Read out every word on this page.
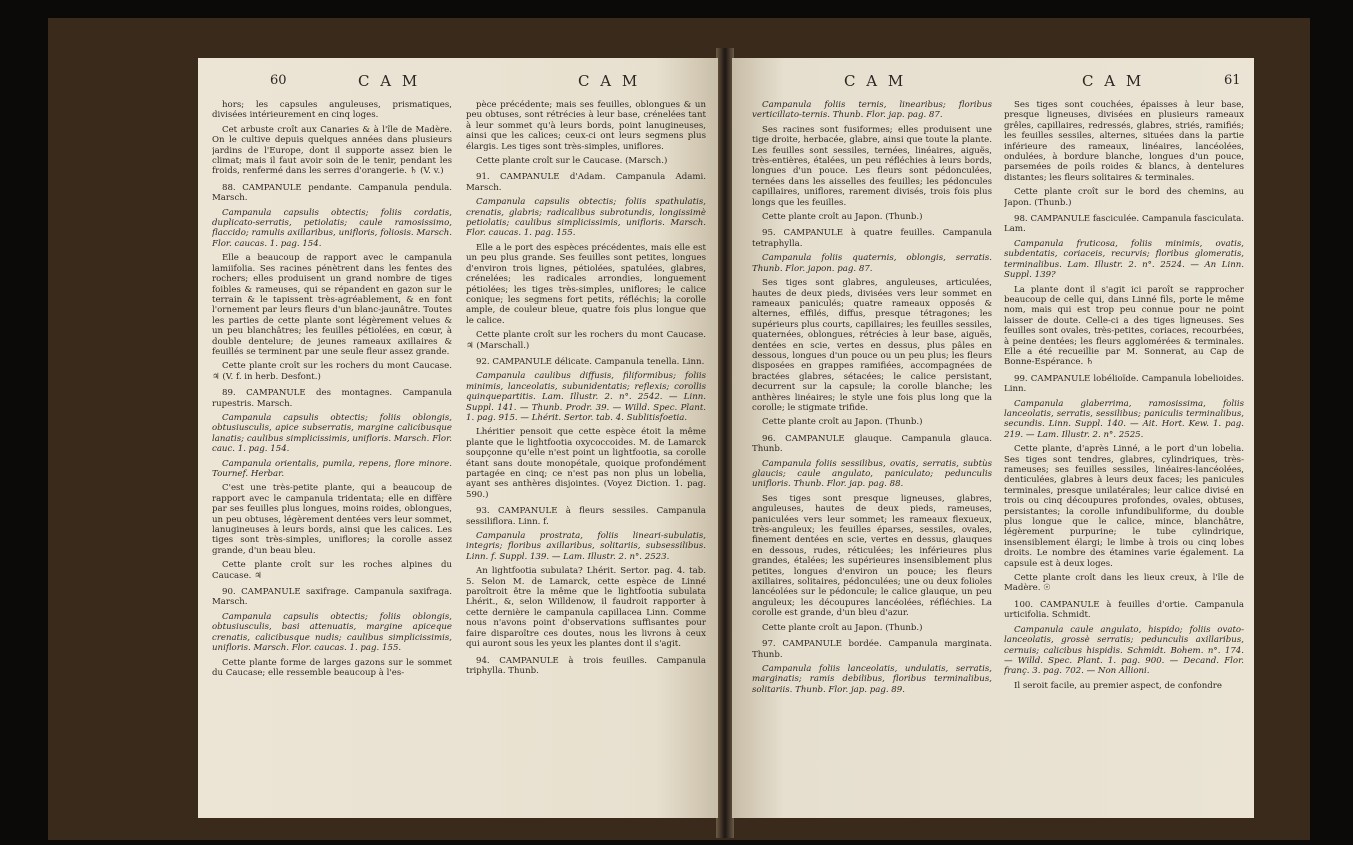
60	C A M	C A M

hors; les capsules anguleuses, prismatiques, divisées intérieurement en cinq loges.

Cet arbuste croît aux Canaries & à l'île de Madère. On le cultive depuis quelques années dans plusieurs jardins de l'Europe, dont il supporte assez bien le climat; mais il faut avoir soin de le tenir, pendant les froids, renfermé dans les serres d'orangerie. ♄ (V. v.)

88. CAMPANULE pendante. Campanula pendula. Marsch.

Campanula capsulis obtectis; foliis cordatis, duplicato-serratis, petiolatis; caule ramosissimo, flaccido; ramulis axillaribus, unifloris, foliosis. Marsch. Flor. caucas. 1. pag. 154.

Elle a beaucoup de rapport avec le campanula lamiifolia. Ses racines pénètrent dans les fentes des rochers; elles produisent un grand nombre de tiges foibles & rameuses, qui se répandent en gazon sur le terrain & le tapissent très-agréablement, & en font l'ornement par leurs fleurs d'un blanc-jaunâtre. Toutes les parties de cette plante sont légèrement velues & un peu blanchâtres; les feuilles pétiolées, en cœur, à double dentelure; de jeunes rameaux axillaires & feuillés se terminent par une seule fleur assez grande.

Cette plante croît sur les rochers du mont Caucase. ♃ (V. f. in herb. Desfont.)

89. CAMPANULE des montagnes. Campanula rupestris. Marsch.

Campanula capsulis obtectis; foliis oblongis, obtusiusculis, apice subserratis, margine calicibusque lanatis; caulibus simplicissimis, unifloris. Marsch. Flor. cauc. 1. pag. 154.

Campanula orientalis, pumila, repens, flore minore. Tournef. Herbar.

C'est une très-petite plante, qui a beaucoup de rapport avec le campanula tridentata; elle en diffère par ses feuilles plus longues, moins roides, oblongues, un peu obtuses, légèrement dentées vers leur sommet, lanugineuses à leurs bords, ainsi que les calices. Les tiges sont très-simples, uniflores; la corolle assez grande, d'un beau bleu.

Cette plante croît sur les roches alpines du Caucase. ♃

90. CAMPANULE saxifrage. Campanula saxifraga. Marsch.

Campanula capsulis obtectis; foliis oblongis, obtusiusculis, basi attenuatis, margine apiceque crenatis, calicibusque nudis; caulibus simplicissimis, unifloris. Marsch. Flor. caucas. 1. pag. 155.

Cette plante forme de larges gazons sur le sommet du Caucase; elle ressemble beaucoup à l'es-

pèce précédente; mais ses feuilles, oblongues & un peu obtuses, sont rétrécies à leur base, crénelées tant à leur sommet qu'à leurs bords, point lanugineuses, ainsi que les calices; ceux-ci ont leurs segmens plus élargis. Les tiges sont très-simples, uniflores.

Cette plante croît sur le Caucase. (Marsch.)

91. CAMPANULE d'Adam. Campanula Adami. Marsch.

Campanula capsulis obtectis; foliis spathulatis, crenatis, glabris; radicalibus subrotundis, longissimè petiolatis; caulibus simplicissimis, unifloris. Marsch. Flor. caucas. 1. pag. 155.

Elle a le port des espèces précédentes, mais elle est un peu plus grande. Ses feuilles sont petites, longues d'environ trois lignes, pétiolées, spatulées, glabres, crénelées; les radicales arrondies, longuement pétiolées; les tiges très-simples, uniflores; le calice conique; les segmens fort petits, réfléchis; la corolle ample, de couleur bleue, quatre fois plus longue que le calice.

Cette plante croît sur les rochers du mont Caucase. ♃ (Marschall.)

92. CAMPANULE délicate. Campanula tenella. Linn.

Campanula caulibus diffusis, filiformibus; foliis minimis, lanceolatis, subunidentatis; reflexis; corollis quinquepartitis. Lam. Illustr. 2. n°. 2542. — Linn. Suppl. 141. — Thunb. Prodr. 39. — Willd. Spec. Plant. 1. pag. 915. — Lhérit. Sertor. tab. 4. Sublitisfoetia.

Lhéritier pensoit que cette espèce étoit la même plante que le lightfootia oxycoccoides. M. de Lamarck soupçonne qu'elle n'est point un lightfootia, sa corolle étant sans doute monopétale, quoique profondément partagée en cinq; ce n'est pas non plus un lobelia, ayant ses anthères disjointes. (Voyez Diction. 1. pag. 590.)

93. CAMPANULE à fleurs sessiles. Campanula sessiliflora. Linn. f.

Campanula prostrata, foliis lineari-subulatis, integris; floribus axillaribus, solitariis, subsessilibus. Linn. f. Suppl. 139. — Lam. Illustr. 2. n°. 2523.

An lightfootia subulata? Lhérit. Sertor. pag. 4. tab. 5. Selon M. de Lamarck, cette espèce de Linné paroîtroit être la même que le lightfootia subulata Lhérit., &, selon Willdenow, il faudroit rapporter à cette dernière le campanula capillacea Linn. Comme nous n'avons point d'observations suffisantes pour faire disparoître ces doutes, nous les livrons à ceux qui auront sous les yeux les plantes dont il s'agit.

94. CAMPANULE à trois feuilles. Campanula triphylla. Thunb.

C A M	C A M	61

Campanula foliis ternis, linearibus; floribus verticillato-ternis. Thunb. Flor. jap. pag. 87.

Ses racines sont fusiformes; elles produisent une tige droite, herbacée, glabre, ainsi que toute la plante. Les feuilles sont sessiles, ternées, linéaires, aiguës, très-entières, étalées, un peu réfléchies à leurs bords, longues d'un pouce. Les fleurs sont pédonculées, ternées dans les aisselles des feuilles; les pédoncules capillaires, uniflores, rarement divisés, trois fois plus longs que les feuilles.

Cette plante croît au Japon. (Thunb.)

95. CAMPANULE à quatre feuilles. Campanula tetraphylla.

Campanula foliis quaternis, oblongis, serratis. Thunb. Flor. japon. pag. 87.

Ses tiges sont glabres, anguleuses, articulées, hautes de deux pieds, divisées vers leur sommet en rameaux paniculés; quatre rameaux opposés & alternes, effilés, diffus, presque tétragones; les supérieurs plus courts, capillaires; les feuilles sessiles, quaternées, oblongues, rétrécies à leur base, aiguës, dentées en scie, vertes en dessus, plus pâles en dessous, longues d'un pouce ou un peu plus; les fleurs disposées en grappes ramifiées, accompagnées de bractées glabres, sétacées; le calice persistant, decurrent sur la capsule; la corolle blanche; les anthères linéaires; le style une fois plus long que la corolle; le stigmate trifide.

Cette plante croît au Japon. (Thunb.)

96. CAMPANULE glauque. Campanula glauca. Thunb.

Campanula foliis sessilibus, ovatis, serratis, subtùs glaucis; caule angulato, paniculato; pedunculis unifloris. Thunb. Flor. jap. pag. 88.

Ses tiges sont presque ligneuses, glabres, anguleuses, hautes de deux pieds, rameuses, paniculées vers leur sommet; les rameaux flexueux, très-anguleux; les feuilles éparses, sessiles, ovales, finement dentées en scie, vertes en dessus, glauques en dessous, rudes, réticulées; les inférieures plus grandes, étalées; les supérieures insensiblement plus petites, longues d'environ un pouce; les fleurs axillaires, solitaires, pédonculées; une ou deux folioles lancéolées sur le pédoncule; le calice glauque, un peu anguleux; les découpures lancéolées, réfléchies. La corolle est grande, d'un bleu d'azur.

Cette plante croît au Japon. (Thunb.)

97. CAMPANULE bordée. Campanula marginata. Thunb.

Campanula foliis lanceolatis, undulatis, serratis, marginatis; ramis debilibus, floribus terminalibus, solitariis. Thunb. Flor. jap. pag. 89.

Ses tiges sont couchées, épaisses à leur base, presque ligneuses, divisées en plusieurs rameaux grêles, capillaires, redressés, glabres, striés, ramifiés; les feuilles sessiles, alternes, situées dans la partie inférieure des rameaux, linéaires, lancéolées, ondulées, à bordure blanche, longues d'un pouce, parsemées de poils roides & blancs, à dentelures distantes; les fleurs solitaires & terminales.

Cette plante croît sur le bord des chemins, au Japon. (Thunb.)

98. CAMPANULE fasciculée. Campanula fasciculata. Lam.

Campanula fruticosa, foliis minimis, ovatis, subdentatis, coriaceis, recurvis; floribus glomeratis, terminalibus. Lam. Illustr. 2. n°. 2524. — An Linn. Suppl. 139?

La plante dont il s'agit ici paroît se rapprocher beaucoup de celle qui, dans Linné fils, porte le même nom, mais qui est trop peu connue pour ne point laisser de doute. Celle-ci a des tiges ligneuses. Ses feuilles sont ovales, très-petites, coriaces, recourbées, à peine dentées; les fleurs agglomérées & terminales. Elle a été recueillie par M. Sonnerat, au Cap de Bonne-Espérance. ♄

99. CAMPANULE lobélioïde. Campanula lobelioides. Linn.

Campanula glaberrima, ramosissima, foliis lanceolatis, serratis, sessilibus; paniculis terminalibus, secundis. Linn. Suppl. 140. — Ait. Hort. Kew. 1. pag. 219. — Lam. Illustr. 2. n°. 2525.

Cette plante, d'après Linné, a le port d'un lobelia. Ses tiges sont tendres, glabres, cylindriques, très-rameuses; ses feuilles sessiles, linéaires-lancéolées, denticulées, glabres à leurs deux faces; les panicules terminales, presque unilatérales; leur calice divisé en trois ou cinq découpures profondes, ovales, obtuses, persistantes; la corolle infundibuliforme, du double plus longue que le calice, mince, blanchâtre, légèrement purpurine; le tube cylindrique, insensiblement élargi; le limbe à trois ou cinq lobes droits. Le nombre des étamines varie également. La capsule est à deux loges.

Cette plante croît dans les lieux creux, à l'île de Madère. ☉

100. CAMPANULE à feuilles d'ortie. Campanula urticifolia. Schmidt.

Campanula caule angulato, hispido; foliis ovato-lanceolatis, grossè serratis; pedunculis axillaribus, cernuis; calicibus hispidis. Schmidt. Bohem. n°. 174. — Willd. Spec. Plant. 1. pag. 900. — Decand. Flor. franç. 3. pag. 702. — Non Allioni.

Il seroit facile, au premier aspect, de confondre
